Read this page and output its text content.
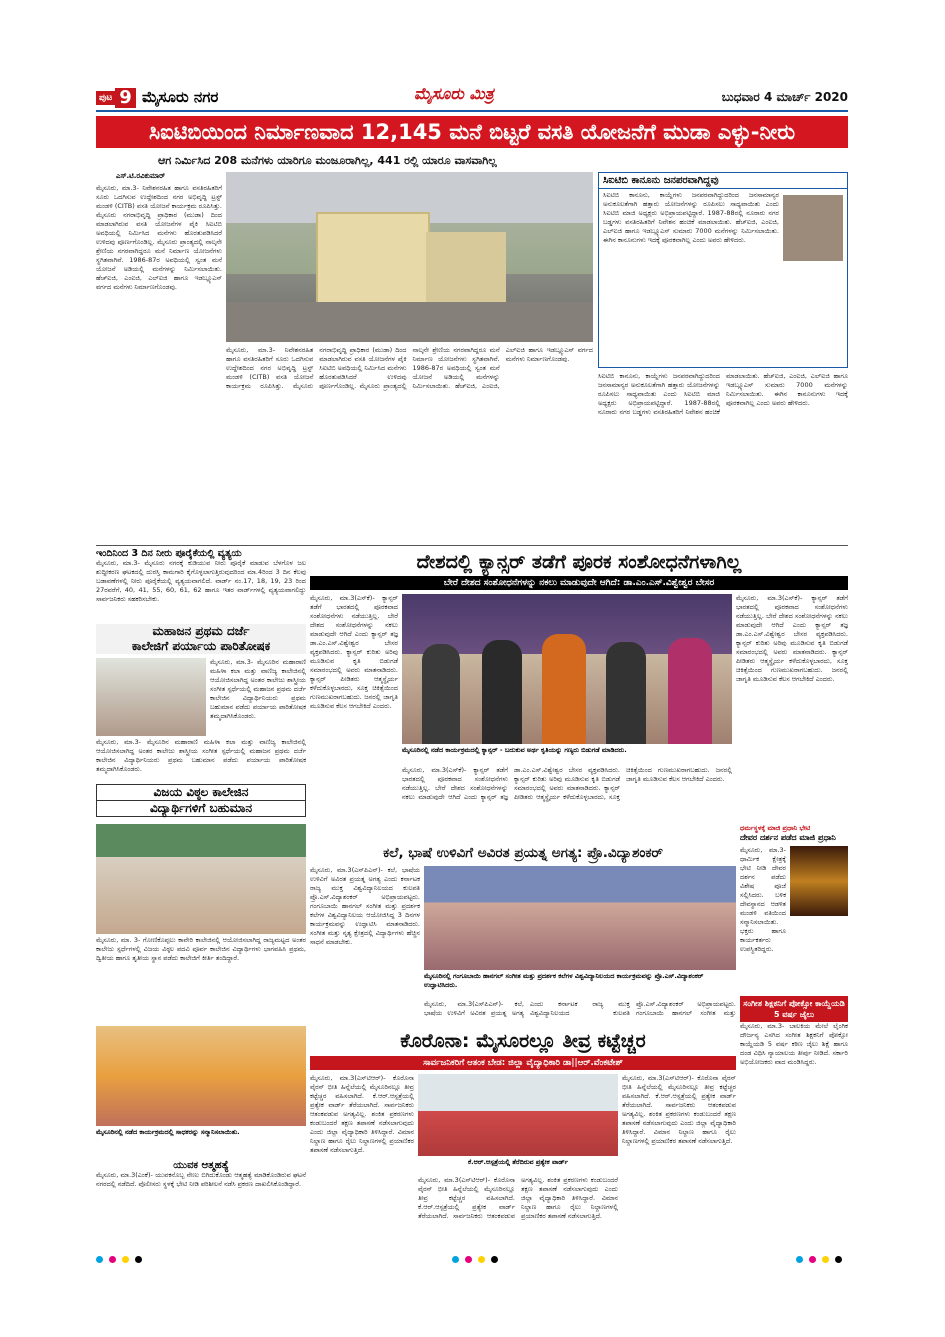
ಪುಟ 9 ಮೈಸೂರು ನಗರ	ಮೈಸೂರು ಮಿತ್ರ	ಬುಧವಾರ 4 ಮಾರ್ಚ್ 2020
ಸಿಐಟಿಬಿಯಿಂದ ನಿರ್ಮಾಣವಾದ 12,145 ಮನೆ ಬಿಟ್ಟರೆ ವಸತಿ ಯೋಜನೆಗೆ ಮುಡಾ ಎಳ್ಳು-ನೀರು
ಆಗ ನಿರ್ಮಿಸಿದ 208 ಮನೆಗಳು ಯಾರಿಗೂ ಮಂಜೂರಾಗಿಲ್ಲ, 441 ರಲ್ಲಿ ಯಾರೂ ವಾಸವಾಗಿಲ್ಲ
ಎಸ್.ಟಿ.ರವಿಕುಮಾರ್
ಮೈಸೂರು, ಮಾ.3- ನಿವೇಶನರಹಿತ ಹಾಗೂ ವಸತಿರಹಿತರಿಗೆ ಸೂರು ಒದಗಿಸುವ ಉದ್ದೇಶದಿಂದ ನಗರ ಅಭಿವೃದ್ಧಿ ಟ್ರಸ್ಟ್ ಮಂಡಳಿ (CITB) ವಸತಿ ಯೋಜನೆ ಕಾರ್ಯಕ್ರಮ ರೂಪಿಸಿತ್ತು. ಮೈಸೂರು ನಗರಾಭಿವೃದ್ಧಿ ಪ್ರಾಧಿಕಾರ (ಮುಡಾ) ದಿಂದ ಮಾಡಲಾಗಿರುವ ವಸತಿ ಯೋಜನೆಗಳ ಪೈಕಿ ಸಿಐಟಿಬಿ ಅವಧಿಯಲ್ಲಿ ನಿರ್ಮಿಸಿದ ಮನೆಗಳು ಹೊರತುಪಡಿಸಿದರೆ ಉಳಿದವು ಪೂರ್ಣಗೊಂಡಿಲ್ಲ. ಮೈಸೂರು ಪ್ರಾಂತ್ಯದಲ್ಲಿ ನಾಲ್ಕನೇ ಶ್ರೇಣಿಯ ನಗರವಾಗಿದ್ದರೂ ಮನೆ ನಿರ್ಮಾಣ ಯೋಜನೆಗಳು ಸ್ಥಗಿತವಾಗಿವೆ. 1986-87ರ ಅವಧಿಯಲ್ಲಿ ಸ್ವಂತ ಮನೆ ಯೋಜನೆ ಅಡಿಯಲ್ಲಿ ಮನೆಗಳನ್ನು ನಿರ್ಮಿಸಲಾಯಿತು. ಹೆಚ್ಐಜಿ, ಎಂಐಜಿ, ಎಲ್ಐಜಿ ಹಾಗೂ ಇಡಬ್ಲ್ಯೂಎಸ್ ವರ್ಗದ ಮನೆಗಳು ನಿರ್ಮಾಣಗೊಂಡವು.
ಮೈಸೂರು, ಮಾ.3- ನಿವೇಶನರಹಿತ ಹಾಗೂ ವಸತಿರಹಿತರಿಗೆ ಸೂರು ಒದಗಿಸುವ ಉದ್ದೇಶದಿಂದ ನಗರ ಅಭಿವೃದ್ಧಿ ಟ್ರಸ್ಟ್ ಮಂಡಳಿ (CITB) ವಸತಿ ಯೋಜನೆ ಕಾರ್ಯಕ್ರಮ ರೂಪಿಸಿತ್ತು. ಮೈಸೂರು ನಗರಾಭಿವೃದ್ಧಿ ಪ್ರಾಧಿಕಾರ (ಮುಡಾ) ದಿಂದ ಮಾಡಲಾಗಿರುವ ವಸತಿ ಯೋಜನೆಗಳ ಪೈಕಿ ಸಿಐಟಿಬಿ ಅವಧಿಯಲ್ಲಿ ನಿರ್ಮಿಸಿದ ಮನೆಗಳು ಹೊರತುಪಡಿಸಿದರೆ ಉಳಿದವು ಪೂರ್ಣಗೊಂಡಿಲ್ಲ. ಮೈಸೂರು ಪ್ರಾಂತ್ಯದಲ್ಲಿ ನಾಲ್ಕನೇ ಶ್ರೇಣಿಯ ನಗರವಾಗಿದ್ದರೂ ಮನೆ ನಿರ್ಮಾಣ ಯೋಜನೆಗಳು ಸ್ಥಗಿತವಾಗಿವೆ. 1986-87ರ ಅವಧಿಯಲ್ಲಿ ಸ್ವಂತ ಮನೆ ಯೋಜನೆ ಅಡಿಯಲ್ಲಿ ಮನೆಗಳನ್ನು ನಿರ್ಮಿಸಲಾಯಿತು. ಹೆಚ್ಐಜಿ, ಎಂಐಜಿ, ಎಲ್ಐಜಿ ಹಾಗೂ ಇಡಬ್ಲ್ಯೂಎಸ್ ವರ್ಗದ ಮನೆಗಳು ನಿರ್ಮಾಣಗೊಂಡವು.
ಸಿಐಟಿಬಿ ಕಾನೂನು ಜನಪರವಾಗಿದ್ದವು
ಸಿಐಟಿಬಿ ಕಾನೂನು, ಕಾಯ್ದೆಗಳು ಜನಪರವಾಗಿದ್ದುದರಿಂದ ಜನಸಾಮಾನ್ಯರ ಅನುಕೂಲತೆಗಾಗಿ ಹತ್ತಾರು ಯೋಜನೆಗಳನ್ನು ರೂಪಿಸಲು ಸಾಧ್ಯವಾಯಿತು ಎಂದು ಸಿಐಟಿಬಿ ಮಾಜಿ ಅಧ್ಯಕ್ಷರು ಅಭಿಪ್ರಾಯಪಟ್ಟಿದ್ದಾರೆ. 1987-88ರಲ್ಲಿ ನೂರಾರು ನಗರ ಬಡ್ಡಗಳು ವಸತಿರಹಿತರಿಗೆ ನಿವೇಶನ ಹಂಚಿಕೆ ಮಾಡಲಾಯಿತು. ಹೆಚ್ಐಜಿ, ಎಂಐಜಿ, ಎಲ್ಐಜಿ ಹಾಗೂ ಇಡಬ್ಲ್ಯೂಎಸ್ ಸುಮಾರು 7000 ಮನೆಗಳನ್ನು ನಿರ್ಮಿಸಲಾಯಿತು. ಈಗಿನ ಕಾನೂನುಗಳು ಇದಕ್ಕೆ ಪೂರಕವಾಗಿಲ್ಲ ಎಂದು ಅವರು ಹೇಳಿದರು.
ಸಿಐಟಿಬಿ ಕಾನೂನು, ಕಾಯ್ದೆಗಳು ಜನಪರವಾಗಿದ್ದುದರಿಂದ ಜನಸಾಮಾನ್ಯರ ಅನುಕೂಲತೆಗಾಗಿ ಹತ್ತಾರು ಯೋಜನೆಗಳನ್ನು ರೂಪಿಸಲು ಸಾಧ್ಯವಾಯಿತು ಎಂದು ಸಿಐಟಿಬಿ ಮಾಜಿ ಅಧ್ಯಕ್ಷರು ಅಭಿಪ್ರಾಯಪಟ್ಟಿದ್ದಾರೆ. 1987-88ರಲ್ಲಿ ನೂರಾರು ನಗರ ಬಡ್ಡಗಳು ವಸತಿರಹಿತರಿಗೆ ನಿವೇಶನ ಹಂಚಿಕೆ ಮಾಡಲಾಯಿತು. ಹೆಚ್ಐಜಿ, ಎಂಐಜಿ, ಎಲ್ಐಜಿ ಹಾಗೂ ಇಡಬ್ಲ್ಯೂಎಸ್ ಸುಮಾರು 7000 ಮನೆಗಳನ್ನು ನಿರ್ಮಿಸಲಾಯಿತು. ಈಗಿನ ಕಾನೂನುಗಳು ಇದಕ್ಕೆ ಪೂರಕವಾಗಿಲ್ಲ ಎಂದು ಅವರು ಹೇಳಿದರು.
ಇಂದಿನಿಂದ 3 ದಿನ ನೀರು ಪೂರೈಕೆಯಲ್ಲಿ ವ್ಯತ್ಯಯ
ಮೈಸೂರು, ಮಾ.3- ಮೈಸೂರು ನಗರಕ್ಕೆ ಕುಡಿಯುವ ನೀರು ಪೂರೈಕೆ ಮಾಡುವ ಬೆಳಗೊಳ ಜಲ ಶುದ್ಧೀಕರಣ ಘಟಕದಲ್ಲಿ ದುರಸ್ತಿ ಕಾಮಗಾರಿ ಕೈಗೊಳ್ಳಲಾಗುತ್ತಿರುವುದರಿಂದ ಮಾ.4ರಿಂದ 3 ದಿನ ಕೆಲವು ಬಡಾವಣೆಗಳಲ್ಲಿ ನೀರು ಪೂರೈಕೆಯಲ್ಲಿ ವ್ಯತ್ಯಯವಾಗಲಿದೆ. ವಾರ್ಡ್ ನಂ.17, 18, 19, 23 ರಿಂದ 27ರವರೆಗೆ, 40, 41, 55, 60, 61, 62 ಹಾಗೂ ಇತರ ವಾರ್ಡ್‌ಗಳಲ್ಲಿ ವ್ಯತ್ಯಯವಾಗಲಿದ್ದು ಸಾರ್ವಜನಿಕರು ಸಹಕರಿಸಬೇಕು.
ಮಹಾಜನ ಪ್ರಥಮ ದರ್ಜೆ
ಕಾಲೇಜಿಗೆ ಪರ್ಯಾಯ ಪಾರಿತೋಷಕ
ಮೈಸೂರು, ಮಾ.3- ಮೈಸೂರಿನ ಮಹಾರಾಣಿ ಮಹಿಳಾ ಕಲಾ ಮತ್ತು ವಾಣಿಜ್ಯ ಕಾಲೇಜಿನಲ್ಲಿ ಆಯೋಜಿಸಲಾಗಿದ್ದ ಅಂತರ ಕಾಲೇಜು ಶಾಸ್ತ್ರೀಯ ಸಂಗೀತ ಸ್ಪರ್ಧೆಯಲ್ಲಿ ಮಹಾಜನ ಪ್ರಥಮ ದರ್ಜೆ ಕಾಲೇಜಿನ ವಿದ್ಯಾರ್ಥಿನಿಯರು ಪ್ರಥಮ ಬಹುಮಾನ ಪಡೆದು ಪರ್ಯಾಯ ಪಾರಿತೋಷಕ ತಮ್ಮದಾಗಿಸಿಕೊಂಡರು.
ಮೈಸೂರು, ಮಾ.3- ಮೈಸೂರಿನ ಮಹಾರಾಣಿ ಮಹಿಳಾ ಕಲಾ ಮತ್ತು ವಾಣಿಜ್ಯ ಕಾಲೇಜಿನಲ್ಲಿ ಆಯೋಜಿಸಲಾಗಿದ್ದ ಅಂತರ ಕಾಲೇಜು ಶಾಸ್ತ್ರೀಯ ಸಂಗೀತ ಸ್ಪರ್ಧೆಯಲ್ಲಿ ಮಹಾಜನ ಪ್ರಥಮ ದರ್ಜೆ ಕಾಲೇಜಿನ ವಿದ್ಯಾರ್ಥಿನಿಯರು ಪ್ರಥಮ ಬಹುಮಾನ ಪಡೆದು ಪರ್ಯಾಯ ಪಾರಿತೋಷಕ ತಮ್ಮದಾಗಿಸಿಕೊಂಡರು.
ವಿಜಯ ವಿಠ್ಠಲ ಕಾಲೇಜಿನ
ವಿದ್ಯಾರ್ಥಿಗಳಿಗೆ ಬಹುಮಾನ
ಮೈಸೂರು, ಮಾ. 3- ಗೋಣಿಕೊಪ್ಪಲು ಕಾವೇರಿ ಕಾಲೇಜಿನಲ್ಲಿ ಆಯೋಜಿಸಲಾಗಿದ್ದ ರಾಜ್ಯಮಟ್ಟದ ಅಂತರ ಕಾಲೇಜು ಸ್ಪರ್ಧೆಗಳಲ್ಲಿ ವಿಜಯ ವಿಠ್ಠಲ ಪದವಿ ಪೂರ್ವ ಕಾಲೇಜಿನ ವಿದ್ಯಾರ್ಥಿಗಳು ಭಾಗವಹಿಸಿ ಪ್ರಥಮ, ದ್ವಿತೀಯ ಹಾಗೂ ತೃತೀಯ ಸ್ಥಾನ ಪಡೆದು ಕಾಲೇಜಿಗೆ ಕೀರ್ತಿ ತಂದಿದ್ದಾರೆ.
ದೇಶದಲ್ಲಿ ಕ್ಯಾನ್ಸರ್ ತಡೆಗೆ ಪೂರಕ ಸಂಶೋಧನೆಗಳಾಗಿಲ್ಲ
ಬೇರೆ ದೇಶದ ಸಂಶೋಧನೆಗಳನ್ನು ನಕಲು ಮಾಡುವುದೇ ಆಗಿದೆ: ಡಾ.ಎಂ.ಎಸ್.ವಿಶ್ವೇಶ್ವರ ಬೇಸರ
ಮೈಸೂರು, ಮಾ.3(ಎಸ್‌ಕೆ)- ಕ್ಯಾನ್ಸರ್ ತಡೆಗೆ ಭಾರತದಲ್ಲಿ ಪೂರಕವಾದ ಸಂಶೋಧನೆಗಳು ನಡೆಯುತ್ತಿಲ್ಲ. ಬೇರೆ ದೇಶದ ಸಂಶೋಧನೆಗಳನ್ನು ನಕಲು ಮಾಡುವುದೇ ಆಗಿದೆ ಎಂದು ಕ್ಯಾನ್ಸರ್ ತಜ್ಞ ಡಾ.ಎಂ.ಎಸ್.ವಿಶ್ವೇಶ್ವರ ಬೇಸರ ವ್ಯಕ್ತಪಡಿಸಿದರು. ಕ್ಯಾನ್ಸರ್ ಕುರಿತು ಅರಿವು ಮೂಡಿಸುವ ಕೃತಿ ಬಿಡುಗಡೆ ಸಮಾರಂಭದಲ್ಲಿ ಅವರು ಮಾತನಾಡಿದರು. ಕ್ಯಾನ್ಸರ್ ಪೀಡಿತರು ಆತ್ಮಸ್ಥೈರ್ಯ ಕಳೆದುಕೊಳ್ಳಬಾರದು, ಸೂಕ್ತ ಚಿಕಿತ್ಸೆಯಿಂದ ಗುಣಮುಖರಾಗಬಹುದು. ಜನರಲ್ಲಿ ಜಾಗೃತಿ ಮೂಡಿಸುವ ಕೆಲಸ ಆಗಬೇಕಿದೆ ಎಂದರು.
ಮೈಸೂರಿನಲ್ಲಿ ನಡೆದ ಕಾರ್ಯಕ್ರಮದಲ್ಲಿ ಕ್ಯಾನ್ಸರ್ - ಬದುಕುವ ಅರ್ಥ ಕೃತಿಯನ್ನು ಗಣ್ಯರು ಬಿಡುಗಡೆ ಮಾಡಿದರು.
ಮೈಸೂರು, ಮಾ.3(ಎಸ್‌ಕೆ)- ಕ್ಯಾನ್ಸರ್ ತಡೆಗೆ ಭಾರತದಲ್ಲಿ ಪೂರಕವಾದ ಸಂಶೋಧನೆಗಳು ನಡೆಯುತ್ತಿಲ್ಲ. ಬೇರೆ ದೇಶದ ಸಂಶೋಧನೆಗಳನ್ನು ನಕಲು ಮಾಡುವುದೇ ಆಗಿದೆ ಎಂದು ಕ್ಯಾನ್ಸರ್ ತಜ್ಞ ಡಾ.ಎಂ.ಎಸ್.ವಿಶ್ವೇಶ್ವರ ಬೇಸರ ವ್ಯಕ್ತಪಡಿಸಿದರು. ಕ್ಯಾನ್ಸರ್ ಕುರಿತು ಅರಿವು ಮೂಡಿಸುವ ಕೃತಿ ಬಿಡುಗಡೆ ಸಮಾರಂಭದಲ್ಲಿ ಅವರು ಮಾತನಾಡಿದರು. ಕ್ಯಾನ್ಸರ್ ಪೀಡಿತರು ಆತ್ಮಸ್ಥೈರ್ಯ ಕಳೆದುಕೊಳ್ಳಬಾರದು, ಸೂಕ್ತ ಚಿಕಿತ್ಸೆಯಿಂದ ಗುಣಮುಖರಾಗಬಹುದು. ಜನರಲ್ಲಿ ಜಾಗೃತಿ ಮೂಡಿಸುವ ಕೆಲಸ ಆಗಬೇಕಿದೆ ಎಂದರು.
ಮೈಸೂರು, ಮಾ.3(ಎಸ್‌ಕೆ)- ಕ್ಯಾನ್ಸರ್ ತಡೆಗೆ ಭಾರತದಲ್ಲಿ ಪೂರಕವಾದ ಸಂಶೋಧನೆಗಳು ನಡೆಯುತ್ತಿಲ್ಲ. ಬೇರೆ ದೇಶದ ಸಂಶೋಧನೆಗಳನ್ನು ನಕಲು ಮಾಡುವುದೇ ಆಗಿದೆ ಎಂದು ಕ್ಯಾನ್ಸರ್ ತಜ್ಞ ಡಾ.ಎಂ.ಎಸ್.ವಿಶ್ವೇಶ್ವರ ಬೇಸರ ವ್ಯಕ್ತಪಡಿಸಿದರು. ಕ್ಯಾನ್ಸರ್ ಕುರಿತು ಅರಿವು ಮೂಡಿಸುವ ಕೃತಿ ಬಿಡುಗಡೆ ಸಮಾರಂಭದಲ್ಲಿ ಅವರು ಮಾತನಾಡಿದರು. ಕ್ಯಾನ್ಸರ್ ಪೀಡಿತರು ಆತ್ಮಸ್ಥೈರ್ಯ ಕಳೆದುಕೊಳ್ಳಬಾರದು, ಸೂಕ್ತ ಚಿಕಿತ್ಸೆಯಿಂದ ಗುಣಮುಖರಾಗಬಹುದು. ಜನರಲ್ಲಿ ಜಾಗೃತಿ ಮೂಡಿಸುವ ಕೆಲಸ ಆಗಬೇಕಿದೆ ಎಂದರು.
ಕಲೆ, ಭಾಷೆ ಉಳಿವಿಗೆ ಅವಿರತ ಪ್ರಯತ್ನ ಅಗತ್ಯ: ಪ್ರೊ.ವಿದ್ಯಾಶಂಕರ್
ಮೈಸೂರು, ಮಾ.3(ಎಸ್‌ಪಿಎನ್)- ಕಲೆ, ಭಾಷೆಯ ಉಳಿವಿಗೆ ಅವಿರತ ಪ್ರಯತ್ನ ಅಗತ್ಯ ಎಂದು ಕರ್ನಾಟಕ ರಾಜ್ಯ ಮುಕ್ತ ವಿಶ್ವವಿದ್ಯಾನಿಲಯದ ಕುಲಪತಿ ಪ್ರೊ.ಎಸ್.ವಿದ್ಯಾಶಂಕರ್ ಅಭಿಪ್ರಾಯಪಟ್ಟರು. ಗಂಗೂಬಾಯಿ ಹಾನಗಲ್ ಸಂಗೀತ ಮತ್ತು ಪ್ರದರ್ಶಕ ಕಲೆಗಳ ವಿಶ್ವವಿದ್ಯಾನಿಲಯ ಆಯೋಜಿಸಿದ್ದ 3 ದಿನಗಳ ಕಾರ್ಯಕ್ರಮವನ್ನು ಉದ್ಘಾಟಿಸಿ ಮಾತನಾಡಿದರು. ಸಂಗೀತ ಮತ್ತು ನೃತ್ಯ ಕ್ಷೇತ್ರದಲ್ಲಿ ವಿದ್ಯಾರ್ಥಿಗಳು ಹೆಚ್ಚಿನ ಸಾಧನೆ ಮಾಡಬೇಕು.
ಮೈಸೂರಿನಲ್ಲಿ ಗಂಗೂಬಾಯಿ ಹಾನಗಲ್ ಸಂಗೀತ ಮತ್ತು ಪ್ರದರ್ಶಕ ಕಲೆಗಳ ವಿಶ್ವವಿದ್ಯಾನಿಲಯದ ಕಾರ್ಯಕ್ರಮವನ್ನು ಪ್ರೊ.ಎಸ್.ವಿದ್ಯಾಶಂಕರ್ ಉದ್ಘಾಟಿಸಿದರು.
ಮೈಸೂರು, ಮಾ.3(ಎಸ್‌ಪಿಎನ್)- ಕಲೆ, ಭಾಷೆಯ ಉಳಿವಿಗೆ ಅವಿರತ ಪ್ರಯತ್ನ ಅಗತ್ಯ ಎಂದು ಕರ್ನಾಟಕ ರಾಜ್ಯ ಮುಕ್ತ ವಿಶ್ವವಿದ್ಯಾನಿಲಯದ ಕುಲಪತಿ ಪ್ರೊ.ಎಸ್.ವಿದ್ಯಾಶಂಕರ್ ಅಭಿಪ್ರಾಯಪಟ್ಟರು. ಗಂಗೂಬಾಯಿ ಹಾನಗಲ್ ಸಂಗೀತ ಮತ್ತು
ಧರ್ಮಸ್ಥಳಕ್ಕೆ ಮಾಜಿ ಪ್ರಧಾನಿ ಭೇಟಿ
ದೇವರ ದರ್ಶನ ಪಡೆದ ಮಾಜಿ ಪ್ರಧಾನಿ
ಮೈಸೂರು, ಮಾ.3- ಧಾರ್ಮಿಕ ಕ್ಷೇತ್ರಕ್ಕೆ ಭೇಟಿ ನೀಡಿ ದೇವರ ದರ್ಶನ ಪಡೆದು ವಿಶೇಷ ಪೂಜೆ ಸಲ್ಲಿಸಿದರು. ಬಳಿಕ ದೇವಸ್ಥಾನದ ಆಡಳಿತ ಮಂಡಳಿ ವತಿಯಿಂದ ಸನ್ಮಾನಿಸಲಾಯಿತು. ಭಕ್ತರು ಹಾಗೂ ಕಾರ್ಯಕರ್ತರು ಉಪಸ್ಥಿತರಿದ್ದರು.
ಸಂಗೀತ ಶಿಕ್ಷಕನಿಗೆ ಪೋಕ್ಸೋ ಕಾಯ್ದೆಯಡಿ 5 ವರ್ಷ ಜೈಲು
ಮೈಸೂರು, ಮಾ.3- ಬಾಲಕಿಯ ಮೇಲೆ ಲೈಂಗಿಕ ದೌರ್ಜನ್ಯ ಎಸಗಿದ ಸಂಗೀತ ಶಿಕ್ಷಕನಿಗೆ ಪೋಕ್ಸೋ ಕಾಯ್ದೆಯಡಿ 5 ವರ್ಷ ಕಠಿಣ ಜೈಲು ಶಿಕ್ಷೆ ಹಾಗೂ ದಂಡ ವಿಧಿಸಿ ನ್ಯಾಯಾಲಯ ತೀರ್ಪು ನೀಡಿದೆ. ಸರ್ಕಾರಿ ಅಭಿಯೋಜಕರು ವಾದ ಮಂಡಿಸಿದ್ದರು.
ಮೈಸೂರಿನಲ್ಲಿ ನಡೆದ ಕಾರ್ಯಕ್ರಮದಲ್ಲಿ ಸಾಧಕರನ್ನು ಸನ್ಮಾನಿಸಲಾಯಿತು.
ಯುವಕ ಆತ್ಮಹತ್ಯೆ
ಮೈಸೂರು, ಮಾ.3(ಎಂಕೆ)- ಯುವಕನೊಬ್ಬ ನೇಣು ಬಿಗಿದುಕೊಂಡು ಆತ್ಮಹತ್ಯೆ ಮಾಡಿಕೊಂಡಿರುವ ಘಟನೆ ನಗರದಲ್ಲಿ ನಡೆದಿದೆ. ಪೊಲೀಸರು ಸ್ಥಳಕ್ಕೆ ಭೇಟಿ ನೀಡಿ ಪರಿಶೀಲನೆ ನಡೆಸಿ ಪ್ರಕರಣ ದಾಖಲಿಸಿಕೊಂಡಿದ್ದಾರೆ.
ಕೊರೊನಾ: ಮೈಸೂರಲ್ಲೂ ತೀವ್ರ ಕಟ್ಟೆಚ್ಚರ
ಸಾರ್ವಜನಿಕರಿಗೆ ಆತಂಕ ಬೇಡ: ಜಿಲ್ಲಾ ವೈದ್ಯಾಧಿಕಾರಿ ಡಾ||ಆರ್.ವೆಂಕಟೇಶ್
ಮೈಸೂರು, ಮಾ.3(ಎಸ್‌ಟಿಆರ್)- ಕೊರೊನಾ ವೈರಸ್ ಭೀತಿ ಹಿನ್ನೆಲೆಯಲ್ಲಿ ಮೈಸೂರಿನಲ್ಲೂ ತೀವ್ರ ಕಟ್ಟೆಚ್ಚರ ವಹಿಸಲಾಗಿದೆ. ಕೆ.ಆರ್.ಆಸ್ಪತ್ರೆಯಲ್ಲಿ ಪ್ರತ್ಯೇಕ ವಾರ್ಡ್ ತೆರೆಯಲಾಗಿದೆ. ಸಾರ್ವಜನಿಕರು ಆತಂಕಪಡುವ ಅಗತ್ಯವಿಲ್ಲ. ಶಂಕಿತ ಪ್ರಕರಣಗಳು ಕಂಡುಬಂದರೆ ತಕ್ಷಣ ತಪಾಸಣೆ ನಡೆಸಲಾಗುವುದು ಎಂದು ಜಿಲ್ಲಾ ವೈದ್ಯಾಧಿಕಾರಿ ತಿಳಿಸಿದ್ದಾರೆ. ವಿಮಾನ ನಿಲ್ದಾಣ ಹಾಗೂ ರೈಲು ನಿಲ್ದಾಣಗಳಲ್ಲಿ ಪ್ರಯಾಣಿಕರ ತಪಾಸಣೆ ನಡೆಸಲಾಗುತ್ತಿದೆ.
ಕೆ.ಆರ್.ಆಸ್ಪತ್ರೆಯಲ್ಲಿ ತೆರೆದಿರುವ ಪ್ರತ್ಯೇಕ ವಾರ್ಡ್
ಮೈಸೂರು, ಮಾ.3(ಎಸ್‌ಟಿಆರ್)- ಕೊರೊನಾ ವೈರಸ್ ಭೀತಿ ಹಿನ್ನೆಲೆಯಲ್ಲಿ ಮೈಸೂರಿನಲ್ಲೂ ತೀವ್ರ ಕಟ್ಟೆಚ್ಚರ ವಹಿಸಲಾಗಿದೆ. ಕೆ.ಆರ್.ಆಸ್ಪತ್ರೆಯಲ್ಲಿ ಪ್ರತ್ಯೇಕ ವಾರ್ಡ್ ತೆರೆಯಲಾಗಿದೆ. ಸಾರ್ವಜನಿಕರು ಆತಂಕಪಡುವ ಅಗತ್ಯವಿಲ್ಲ. ಶಂಕಿತ ಪ್ರಕರಣಗಳು ಕಂಡುಬಂದರೆ ತಕ್ಷಣ ತಪಾಸಣೆ ನಡೆಸಲಾಗುವುದು ಎಂದು ಜಿಲ್ಲಾ ವೈದ್ಯಾಧಿಕಾರಿ ತಿಳಿಸಿದ್ದಾರೆ. ವಿಮಾನ ನಿಲ್ದಾಣ ಹಾಗೂ ರೈಲು ನಿಲ್ದಾಣಗಳಲ್ಲಿ ಪ್ರಯಾಣಿಕರ ತಪಾಸಣೆ ನಡೆಸಲಾಗುತ್ತಿದೆ.
ಮೈಸೂರು, ಮಾ.3(ಎಸ್‌ಟಿಆರ್)- ಕೊರೊನಾ ವೈರಸ್ ಭೀತಿ ಹಿನ್ನೆಲೆಯಲ್ಲಿ ಮೈಸೂರಿನಲ್ಲೂ ತೀವ್ರ ಕಟ್ಟೆಚ್ಚರ ವಹಿಸಲಾಗಿದೆ. ಕೆ.ಆರ್.ಆಸ್ಪತ್ರೆಯಲ್ಲಿ ಪ್ರತ್ಯೇಕ ವಾರ್ಡ್ ತೆರೆಯಲಾಗಿದೆ. ಸಾರ್ವಜನಿಕರು ಆತಂಕಪಡುವ ಅಗತ್ಯವಿಲ್ಲ. ಶಂಕಿತ ಪ್ರಕರಣಗಳು ಕಂಡುಬಂದರೆ ತಕ್ಷಣ ತಪಾಸಣೆ ನಡೆಸಲಾಗುವುದು ಎಂದು ಜಿಲ್ಲಾ ವೈದ್ಯಾಧಿಕಾರಿ ತಿಳಿಸಿದ್ದಾರೆ. ವಿಮಾನ ನಿಲ್ದಾಣ ಹಾಗೂ ರೈಲು ನಿಲ್ದಾಣಗಳಲ್ಲಿ ಪ್ರಯಾಣಿಕರ ತಪಾಸಣೆ ನಡೆಸಲಾಗುತ್ತಿದೆ.
